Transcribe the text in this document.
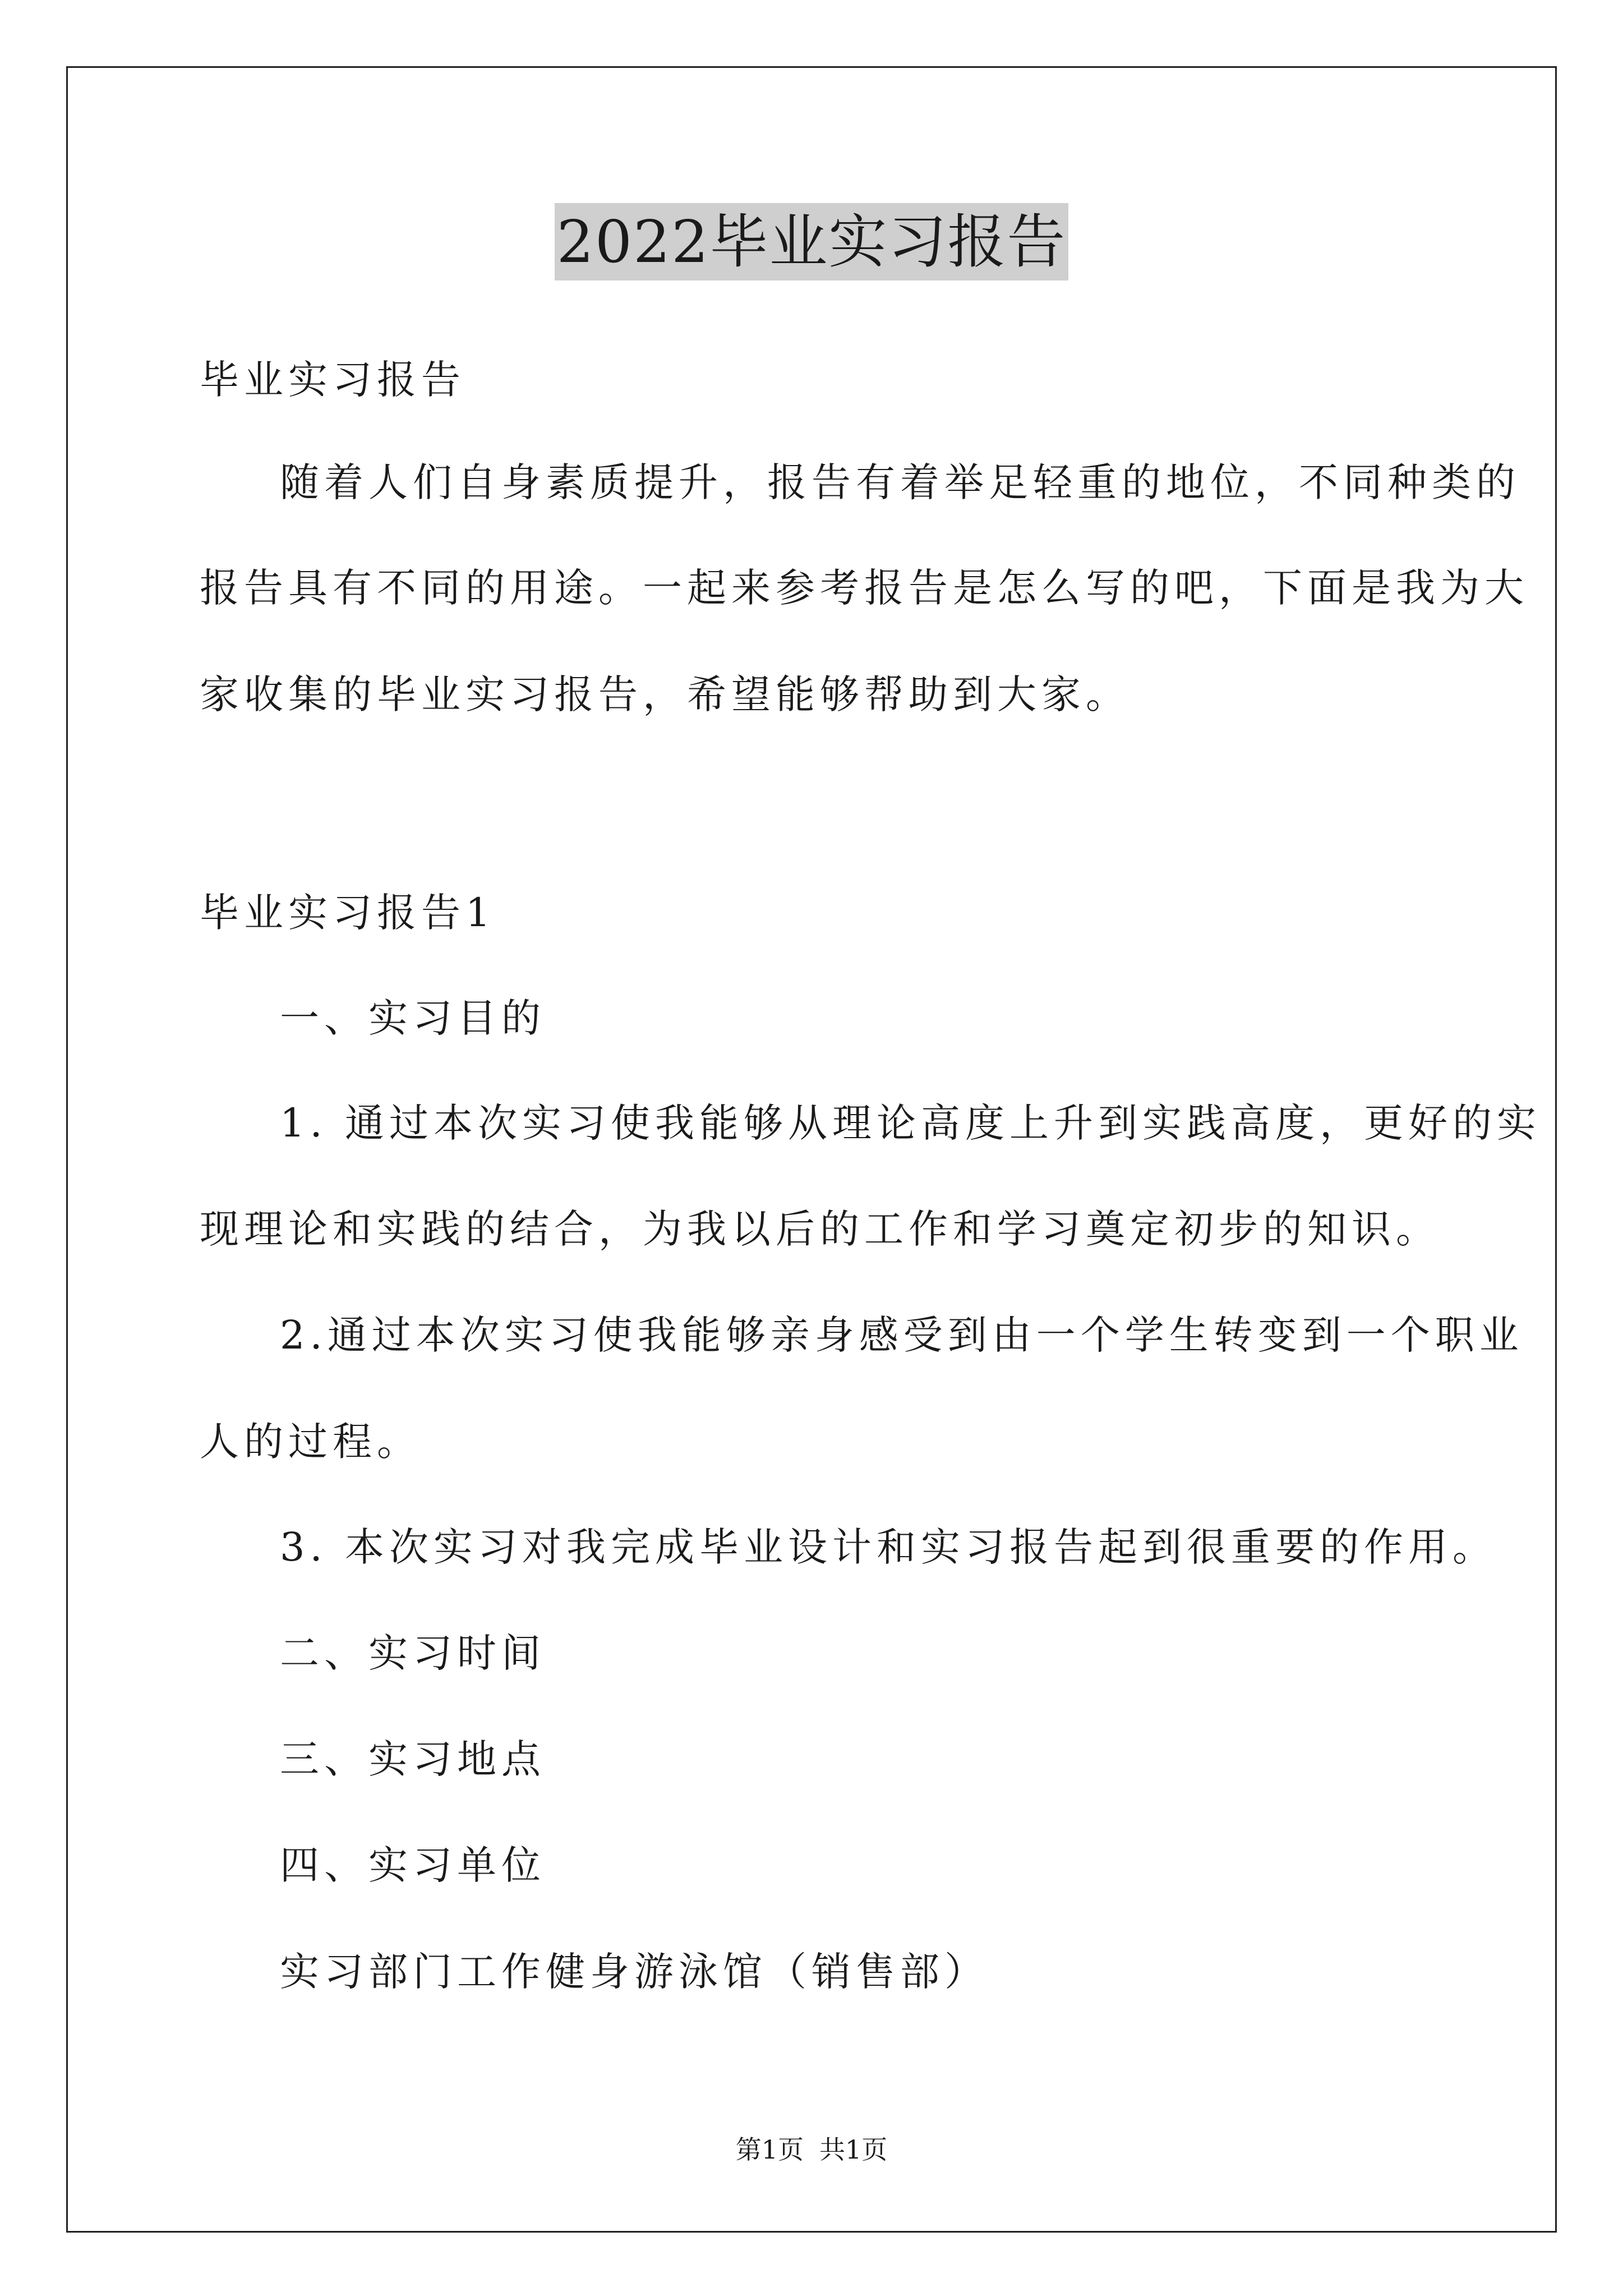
2022毕业实习报告
毕业实习报告
随着人们自身素质提升，报告有着举足轻重的地位，不同种类的
报告具有不同的用途。一起来参考报告是怎么写的吧，下面是我为大
家收集的毕业实习报告，希望能够帮助到大家。
毕业实习报告1
一、实习目的
1. 通过本次实习使我能够从理论高度上升到实践高度，更好的实
现理论和实践的结合，为我以后的工作和学习奠定初步的知识。
2.通过本次实习使我能够亲身感受到由一个学生转变到一个职业
人的过程。
3. 本次实习对我完成毕业设计和实习报告起到很重要的作用。
二、实习时间
三、实习地点
四、实习单位
实习部门工作健身游泳馆（销售部）
第1页 共1页
